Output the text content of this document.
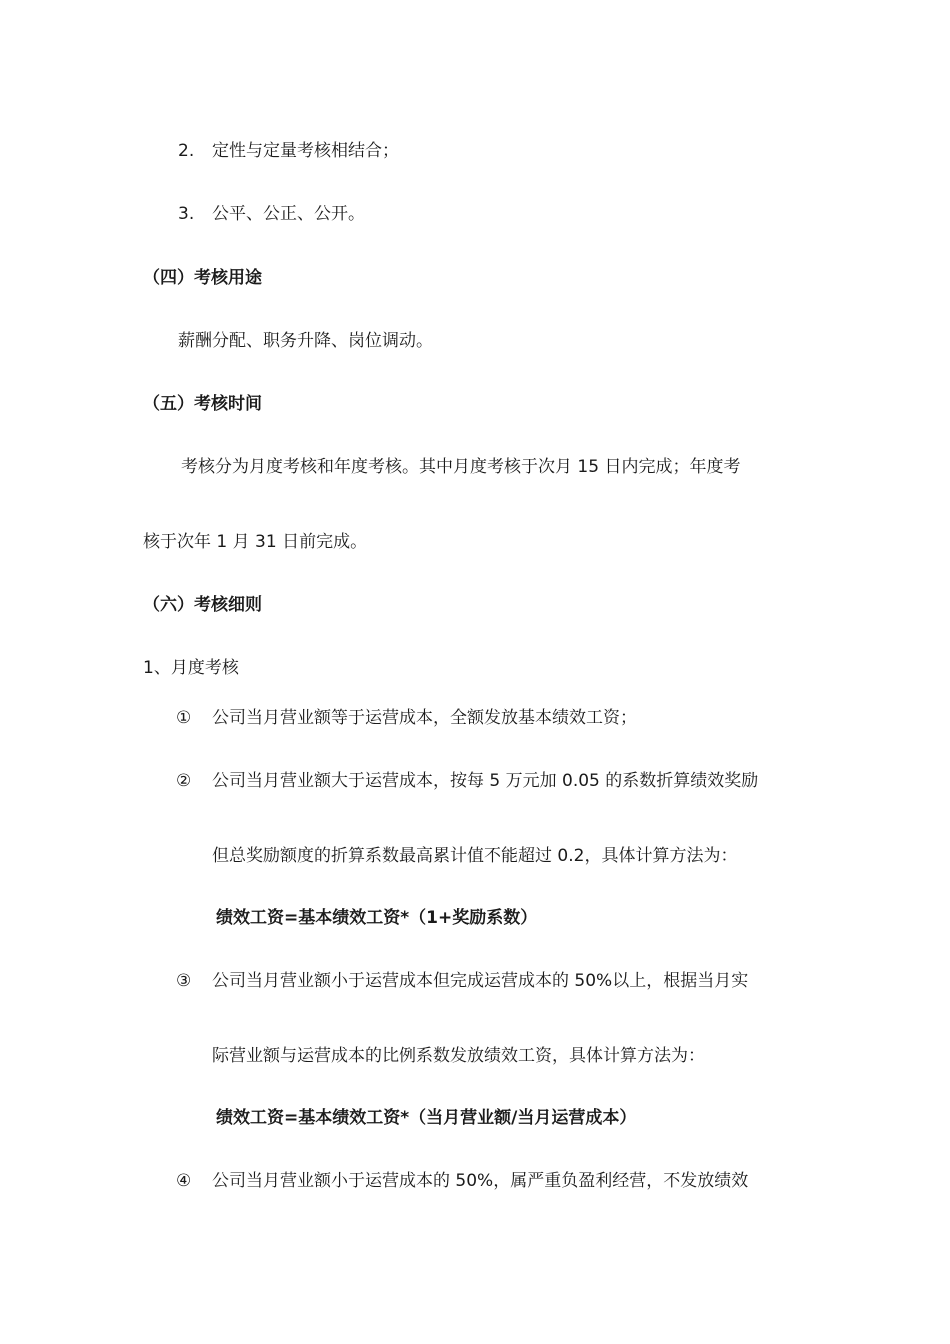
2. 定性与定量考核相结合；

3. 公平、公正、公开。

（四）考核用途

薪酬分配、职务升降、岗位调动。

（五）考核时间

考核分为月度考核和年度考核。其中月度考核于次月 15 日内完成；年度考

核于次年 1 月 31 日前完成。

（六）考核细则

1、月度考核

① 公司当月营业额等于运营成本，全额发放基本绩效工资；

② 公司当月营业额大于运营成本，按每 5 万元加 0.05 的系数折算绩效奖励

但总奖励额度的折算系数最高累计值不能超过 0.2，具体计算方法为：

绩效工资=基本绩效工资*（1+奖励系数）

③ 公司当月营业额小于运营成本但完成运营成本的 50%以上，根据当月实

际营业额与运营成本的比例系数发放绩效工资，具体计算方法为：

绩效工资=基本绩效工资*（当月营业额/当月运营成本）

④ 公司当月营业额小于运营成本的 50%，属严重负盈利经营，不发放绩效
